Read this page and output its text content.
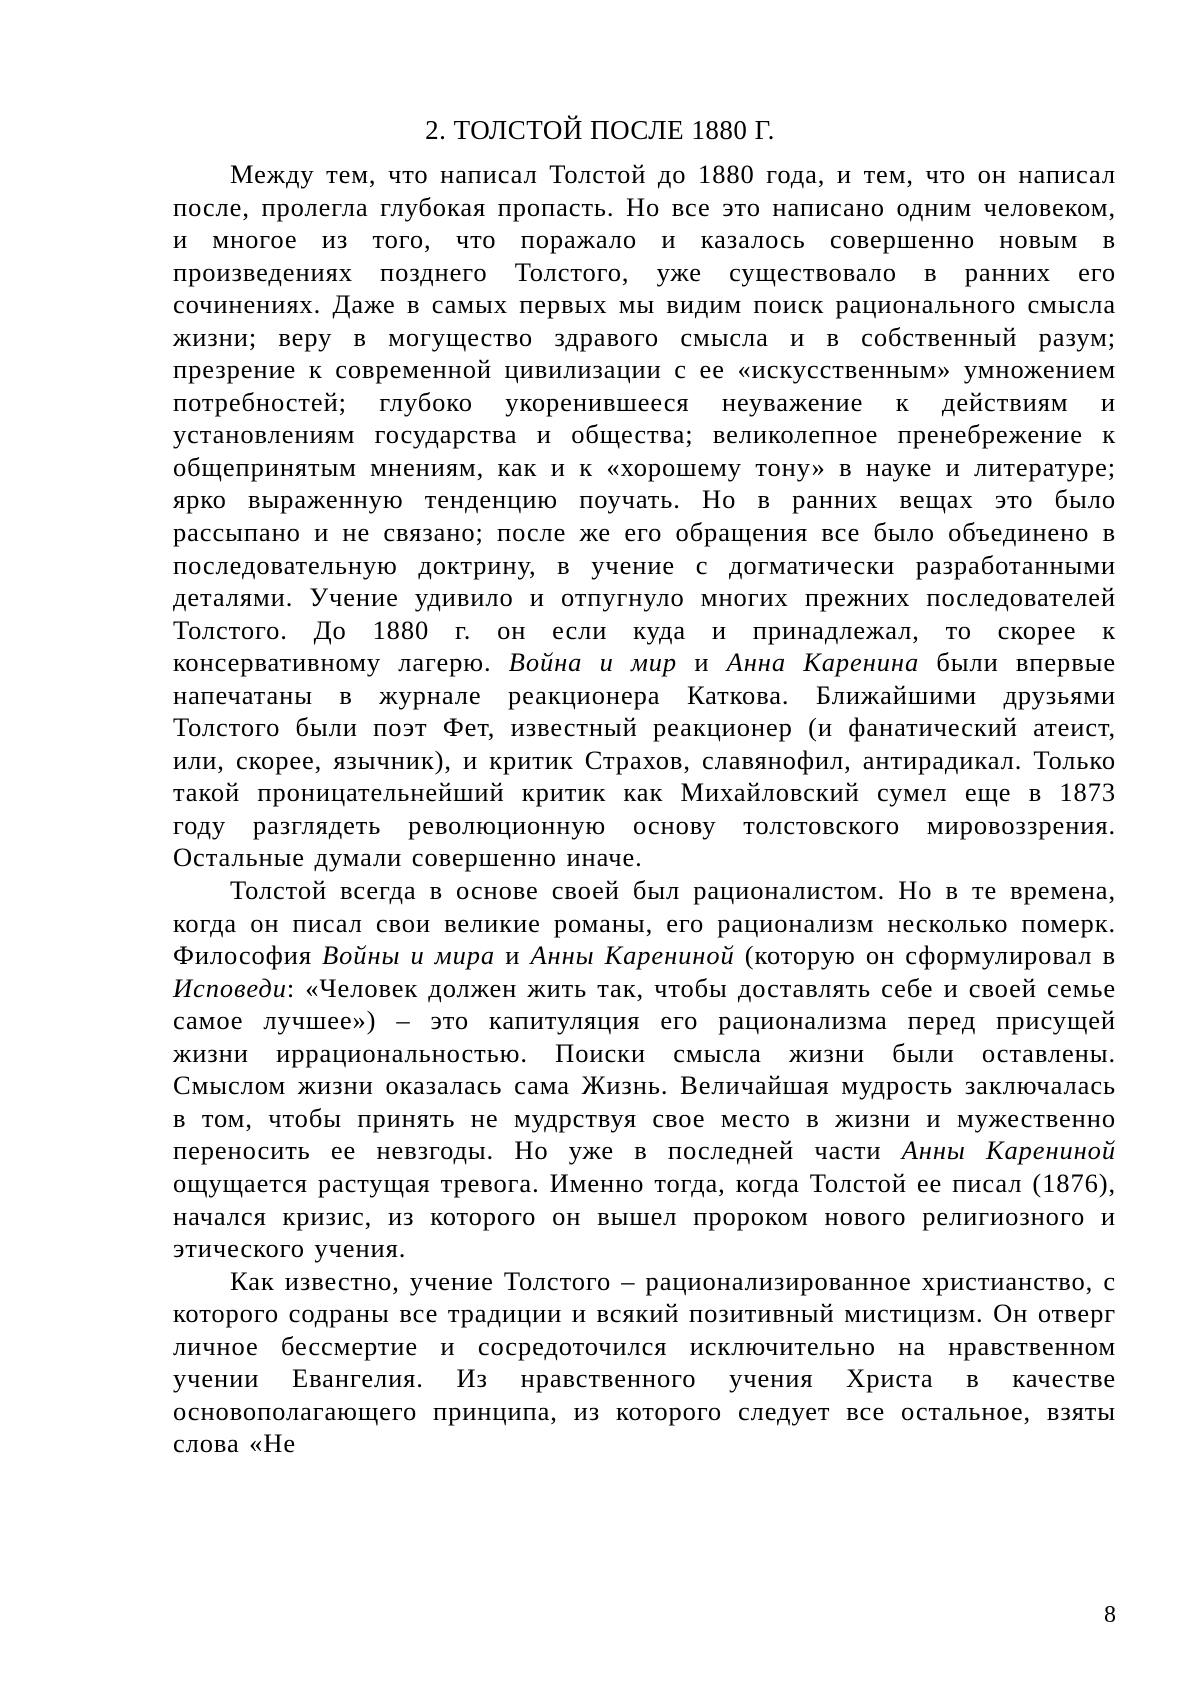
2. ТОЛСТОЙ ПОСЛЕ 1880 Г.

Между тем, что написал Толстой до 1880 года, и тем, что он написал после, пролегла глубокая пропасть. Но все это написано одним человеком, и многое из того, что поражало и казалось совершенно новым в произведениях позднего Толстого, уже существовало в ранних его сочинениях. Даже в самых первых мы видим поиск рационального смысла жизни; веру в могущество здравого смысла и в собственный разум; презрение к современной цивилизации с ее «искусственным» умножением потребностей; глубоко укоренившееся неуважение к действиям и установлениям государства и общества; великолепное пренебрежение к общепринятым мнениям, как и к «хорошему тону» в науке и литературе; ярко выраженную тенденцию поучать. Но в ранних вещах это было рассыпано и не связано; после же его обращения все было объединено в последовательную доктрину, в учение с догматически разработанными деталями. Учение удивило и отпугнуло многих прежних последователей Толстого. До 1880 г. он если куда и принадлежал, то скорее к консервативному лагерю. Война и мир и Анна Каренина были впервые напечатаны в журнале реакционера Каткова. Ближайшими друзьями Толстого были поэт Фет, известный реакционер (и фанатический атеист, или, скорее, язычник), и критик Страхов, славянофил, антирадикал. Только такой проницательнейший критик как Михайловский сумел еще в 1873 году разглядеть революционную основу толстовского мировоззрения. Остальные думали совершенно иначе.

Толстой всегда в основе своей был рационалистом. Но в те времена, когда он писал свои великие романы, его рационализм несколько померк. Философия Войны и мира и Анны Карениной (которую он сформулировал в Исповеди: «Человек должен жить так, чтобы доставлять себе и своей семье самое лучшее») – это капитуляция его рационализма перед присущей жизни иррациональностью. Поиски смысла жизни были оставлены. Смыслом жизни оказалась сама Жизнь. Величайшая мудрость заключалась в том, чтобы принять не мудрствуя свое место в жизни и мужественно переносить ее невзгоды. Но уже в последней части Анны Карениной ощущается растущая тревога. Именно тогда, когда Толстой ее писал (1876), начался кризис, из которого он вышел пророком нового религиозного и этического учения.

Как известно, учение Толстого – рационализированное христианство, с которого содраны все традиции и всякий позитивный мистицизм. Он отверг личное бессмертие и сосредоточился исключительно на нравственном учении Евангелия. Из нравственного учения Христа в качестве основополагающего принципа, из которого следует все остальное, взяты слова «Не

8
